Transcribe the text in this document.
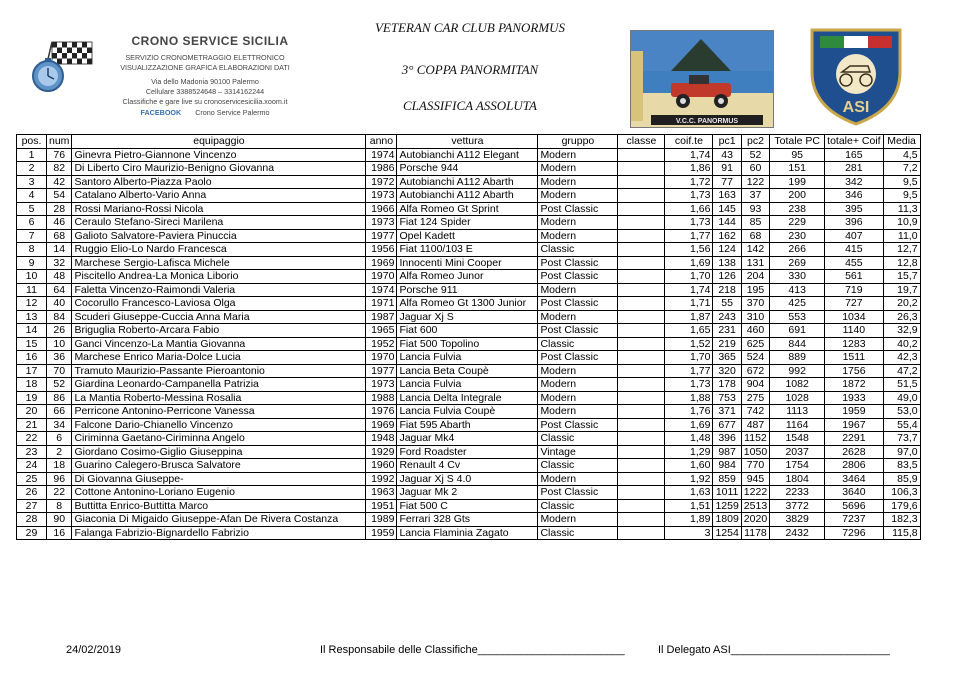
CRONO SERVICE SICILIA
SERVIZIO CRONOMETRAGGIO ELETTRONICO
VISUALIZZAZIONE GRAFICA ELABORAZIONI DATI
Via dello Madonia 90100 Palermo
Cellulare 3388524648 – 3314162244
Classifiche e gare live su cronoservicesicilia.xoom.it
FACEBOOK Crono Service Palermo
VETERAN CAR CLUB PANORMUS
3° COPPA PANORMITAN
CLASSIFICA ASSOLUTA
V.C.C. PANORMUS
ASI
pos.	num	equipaggio	anno	vettura	gruppo	classe	coif.te	pc1	pc2	Totale PC	totale+ Coif	Media
1	76	Ginevra Pietro-Giannone Vincenzo	1974	Autobianchi A112 Elegant	Modern		1,74	43	52	95	165	4,5
2	82	Di Liberto Ciro Maurizio-Benigno Giovanna	1986	Porsche 944	Modern		1,86	91	60	151	281	7,2
3	42	Santoro Alberto-Piazza Paolo	1972	Autobianchi A112 Abarth	Modern		1,72	77	122	199	342	9,5
4	54	Catalano Alberto-Vario Anna	1973	Autobianchi A112 Abarth	Modern		1,73	163	37	200	346	9,5
5	28	Rossi Mariano-Rossi Nicola	1966	Alfa Romeo Gt Sprint	Post Classic		1,66	145	93	238	395	11,3
6	46	Ceraulo Stefano-Sireci Marilena	1973	Fiat 124 Spider	Modern		1,73	144	85	229	396	10,9
7	68	Galioto Salvatore-Paviera Pinuccia	1977	Opel Kadett	Modern		1,77	162	68	230	407	11,0
8	14	Ruggio Elio-Lo Nardo Francesca	1956	Fiat 1100/103 E	Classic		1,56	124	142	266	415	12,7
9	32	Marchese Sergio-Lafisca Michele	1969	Innocenti Mini Cooper	Post Classic		1,69	138	131	269	455	12,8
10	48	Piscitello Andrea-La Monica Liborio	1970	Alfa Romeo Junor	Post Classic		1,70	126	204	330	561	15,7
11	64	Faletta Vincenzo-Raimondi Valeria	1974	Porsche 911	Modern		1,74	218	195	413	719	19,7
12	40	Cocorullo Francesco-Laviosa Olga	1971	Alfa Romeo Gt 1300 Junior	Post Classic		1,71	55	370	425	727	20,2
13	84	Scuderi Giuseppe-Cuccia Anna Maria	1987	Jaguar Xj S	Modern		1,87	243	310	553	1034	26,3
14	26	Briguglia Roberto-Arcara Fabio	1965	Fiat 600	Post Classic		1,65	231	460	691	1140	32,9
15	10	Ganci Vincenzo-La Mantia Giovanna	1952	Fiat 500 Topolino	Classic		1,52	219	625	844	1283	40,2
16	36	Marchese Enrico Maria-Dolce Lucia	1970	Lancia Fulvia	Post Classic		1,70	365	524	889	1511	42,3
17	70	Tramuto Maurizio-Passante Pieroantonio	1977	Lancia Beta Coupè	Modern		1,77	320	672	992	1756	47,2
18	52	Giardina Leonardo-Campanella Patrizia	1973	Lancia Fulvia	Modern		1,73	178	904	1082	1872	51,5
19	86	La Mantia Roberto-Messina Rosalia	1988	Lancia Delta Integrale	Modern		1,88	753	275	1028	1933	49,0
20	66	Perricone Antonino-Perricone Vanessa	1976	Lancia Fulvia Coupè	Modern		1,76	371	742	1113	1959	53,0
21	34	Falcone Dario-Chianello Vincenzo	1969	Fiat 595 Abarth	Post Classic		1,69	677	487	1164	1967	55,4
22	6	Ciriminna Gaetano-Ciriminna Angelo	1948	Jaguar Mk4	Classic		1,48	396	1152	1548	2291	73,7
23	2	Giordano Cosimo-Giglio Giuseppina	1929	Ford Roadster	Vintage		1,29	987	1050	2037	2628	97,0
24	18	Guarino Calegero-Brusca Salvatore	1960	Renault 4 Cv	Classic		1,60	984	770	1754	2806	83,5
25	96	Di Giovanna Giuseppe-	1992	Jaguar Xj S 4.0	Modern		1,92	859	945	1804	3464	85,9
26	22	Cottone Antonino-Loriano Eugenio	1963	Jaguar Mk 2	Post Classic		1,63	1011	1222	2233	3640	106,3
27	8	Buttitta Enrico-Buttitta Marco	1951	Fiat 500 C	Classic		1,51	1259	2513	3772	5696	179,6
28	90	Giaconia Di Migaido Giuseppe-Afan De Rivera Costanza	1989	Ferrari 328 Gts	Modern		1,89	1809	2020	3829	7237	182,3
29	16	Falanga Fabrizio-Bignardello Fabrizio	1959	Lancia Flaminia Zagato	Classic		3	1254	1178	2432	7296	115,8
24/02/2019	Il Responsabile delle Classifiche________________________	Il Delegato ASI__________________________
